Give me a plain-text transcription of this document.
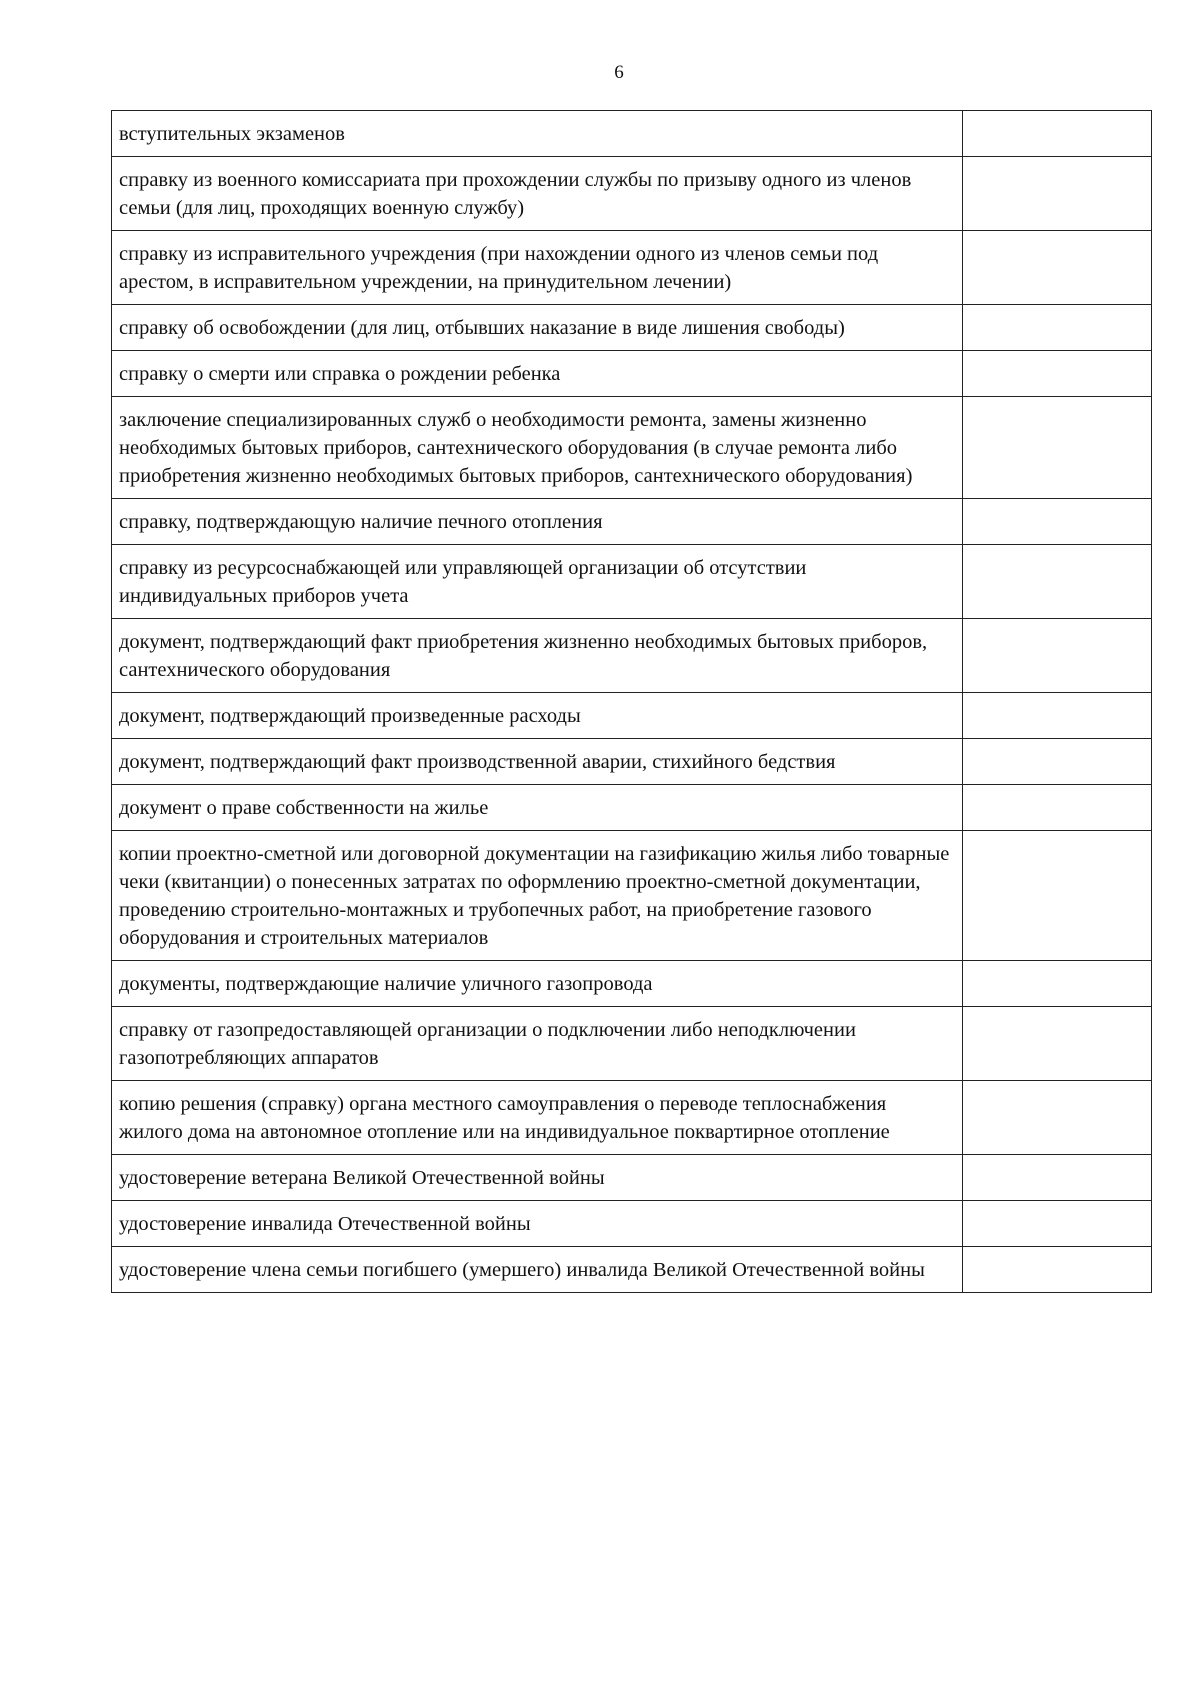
6
вступительных экзаменов	
справку из военного комиссариата при прохождении службы по призыву одного из членов семьи (для лиц, проходящих военную службу)	
справку из исправительного учреждения (при нахождении одного из членов семьи под арестом, в исправительном учреждении, на принудительном лечении)	
справку об освобождении (для лиц, отбывших наказание в виде лишения свободы)	
справку о смерти или справка о рождении ребенка	
заключение специализированных служб о необходимости ремонта, замены жизненно необходимых бытовых приборов, сантехнического оборудования (в случае ремонта либо приобретения жизненно необходимых бытовых приборов, сантехнического оборудования)	
справку, подтверждающую наличие печного отопления	
справку из ресурсоснабжающей или управляющей организации об отсутствии индивидуальных приборов учета	
документ, подтверждающий факт приобретения жизненно необходимых бытовых приборов, сантехнического оборудования	
документ, подтверждающий произведенные расходы	
документ, подтверждающий факт производственной аварии, стихийного бедствия	
документ о праве собственности на жилье	
копии проектно-сметной или договорной документации на газификацию жилья либо товарные чеки (квитанции) о понесенных затратах по оформлению проектно-сметной документации, проведению строительно-монтажных и трубопечных работ, на приобретение газового оборудования и строительных материалов	
документы, подтверждающие наличие уличного газопровода	
справку от газопредоставляющей организации о подключении либо неподключении газопотребляющих аппаратов	
копию решения (справку) органа местного самоуправления о переводе теплоснабжения жилого дома на автономное отопление или на индивидуальное поквартирное отопление	
удостоверение ветерана Великой Отечественной войны	
удостоверение инвалида Отечественной войны	
удостоверение члена семьи погибшего (умершего) инвалида Великой Отечественной войны	
